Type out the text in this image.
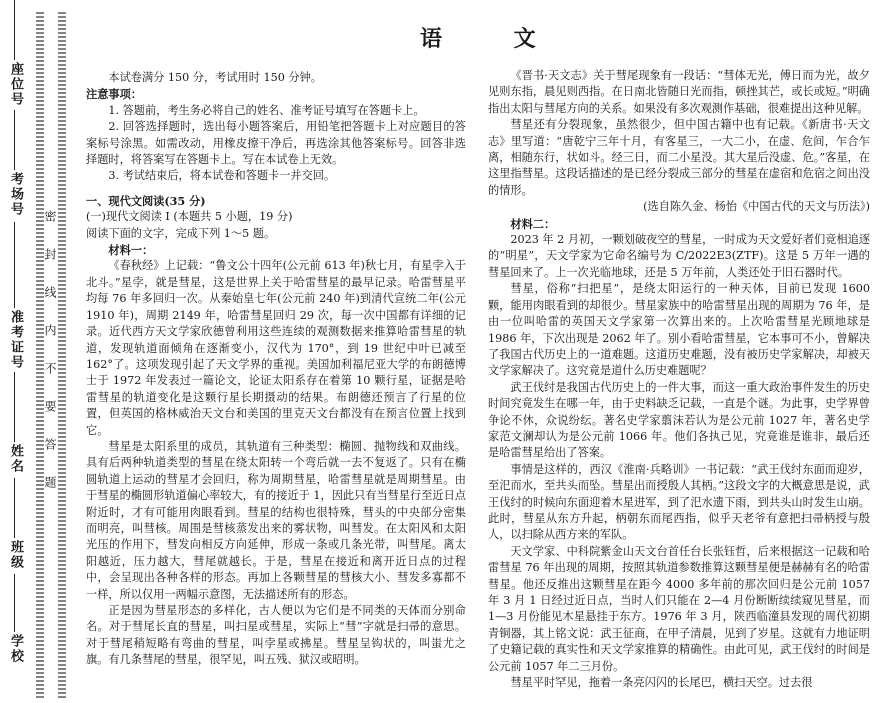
座位号
考场号
准考证号
姓名
班级
学校
密 封 线 内 不 要 答 题
语 文

本试卷满分 150 分，考试用时 150 分钟。

注意事项：

1. 答题前，考生务必将自己的姓名、准考证号填写在答题卡上。

2. 回答选择题时，选出每小题答案后，用铅笔把答题卡上对应题目的答案标号涂黑。如需改动，用橡皮擦干净后，再选涂其他答案标号。回答非选择题时，将答案写在答题卡上。写在本试卷上无效。

3. 考试结束后，将本试卷和答题卡一并交回。

一、现代文阅读(35 分)

(一)现代文阅读 I (本题共 5 小题，19 分)

阅读下面的文字，完成下列 1～5 题。

材料一：

《春秋经》上记载：“鲁文公十四年(公元前 613 年)秋七月，有星孛入于北斗。”星孛，就是彗星，这是世界上关于哈雷彗星的最早记录。哈雷彗星平均每 76 年多回归一次。从秦始皇七年(公元前 240 年)到清代宣统二年(公元 1910 年)，周期 2149 年，哈雷彗星回归 29 次，每一次中国都有详细的记录。近代西方天文学家欣德曾利用这些连续的观测数据来推算哈雷彗星的轨道，发现轨道面倾角在逐渐变小，汉代为 170°，到 19 世纪中叶已减至 162°了。这项发现引起了天文学界的重视。美国加利福尼亚大学的布朗德博士于 1972 年发表过一篇论文，论证太阳系存在着第 10 颗行星，证据是哈雷彗星的轨道变化是这颗行星长期摄动的结果。布朗德还预言了行星的位置，但英国的格林威治天文台和美国的里克天文台都没有在预言位置上找到它。

彗星是太阳系里的成员，其轨道有三种类型：椭圆、抛物线和双曲线。具有后两种轨道类型的彗星在绕太阳转一个弯后就一去不复返了。只有在椭圆轨道上运动的彗星才会回归，称为周期彗星，哈雷彗星就是周期彗星。由于彗星的椭圆形轨道偏心率较大，有的接近于 1，因此只有当彗星行至近日点附近时，才有可能用肉眼看到。彗星的结构也很特殊，彗头的中央部分密集而明亮，叫彗核。周围是彗核蒸发出来的雾状物，叫彗发。在太阳风和太阳光压的作用下，彗发向相反方向延伸，形成一条或几条光带，叫彗尾。离太阳越近，压力越大，彗尾就越长。于是，彗星在接近和离开近日点的过程中，会呈现出各种各样的形态。再加上各颗彗星的彗核大小、彗发多寡都不一样，所以仅用一两幅示意图，无法描述所有的形态。

正是因为彗星形态的多样化，古人便以为它们是不同类的天体而分别命名。对于彗尾长直的彗星，叫扫星或彗星，实际上“彗”字就是扫帚的意思。对于彗尾稍短略有弯曲的彗星，叫孛星或拂星。彗星呈钩状的，叫蚩尤之旗。有几条彗尾的彗星，很罕见，叫五残、狱汉或昭明。

《晋书·天文志》关于彗尾现象有一段话：“彗体无光，傅日而为光，故夕见则东指，晨见则西指。在日南北皆随日光而指，顿挫其芒，或长或短。”明确指出太阳与彗尾方向的关系。如果没有多次观测作基础，很难提出这种见解。

彗星还有分裂现象，虽然很少，但中国古籍中也有记载。《新唐书·天文志》里写道：“唐乾宁三年十月，有客星三，一大二小，在虚、危间，乍合乍离，相随东行，状如斗。经三日，而二小星没。其大星后没虚、危。”客星，在这里指彗星。这段话描述的是已经分裂成三部分的彗星在虚宿和危宿之间出没的情形。

(选自陈久金、杨怡《中国古代的天文与历法》)

材料二：

2023 年 2 月初，一颗划破夜空的彗星，一时成为天文爱好者们竞相追逐的“明星”，天文学家为它命名编号为 C/2022E3(ZTF)。这是 5 万年一遇的彗星回来了。上一次光临地球，还是 5 万年前，人类还处于旧石器时代。

彗星，俗称“扫把星”，是绕太阳运行的一种天体，目前已发现 1600 颗，能用肉眼看到的却很少。彗星家族中的哈雷彗星出现的周期为 76 年，是由一位叫哈雷的英国天文学家第一次算出来的。上次哈雷彗星光顾地球是 1986 年，下次出现是 2062 年了。别小看哈雷彗星，它本事可不小，曾解决了我国古代历史上的一道难题。这道历史难题，没有被历史学家解决，却被天文学家解决了。这究竟是道什么历史难题呢？

武王伐纣是我国古代历史上的一件大事，而这一重大政治事件发生的历史时间究竟发生在哪一年，由于史料缺乏记载，一直是个谜。为此事，史学界曾争论不休，众说纷纭。著名史学家翦沫若认为是公元前 1027 年，著名史学家范文澜却认为是公元前 1066 年。他们各执己见，究竟谁是谁非，最后还是哈雷彗星给出了答案。

事情是这样的，西汉《淮南·兵略训》一书记载：“武王伐纣东面而迎岁，至汜而水，至共头而坠。彗星出而授殷人其柄。”这段文字的大概意思是说，武王伐纣的时候向东面迎着木星进军，到了汜水遗下雨，到共头山时发生山崩。此时，彗星从东方升起，柄朝东而尾西指，似乎天老爷有意把扫帚柄授与殷人，以扫除从西方来的军队。

天文学家、中科院紫金山天文台首任台长张钰哲，后来根据这一记载和哈雷彗星 76 年出现的周期，按照其轨道参数推算这颗彗星便是赫赫有名的哈雷彗星。他还反推出这颗彗星在距今 4000 多年前的那次回归是公元前 1057 年 3 月 1 日经过近日点，当时人们只能在 2—4 月份断断续续窥见彗星，而 1—3 月份能见木星悬挂于东方。1976 年 3 月，陕西临潼县发现的周代初期青铜器，其上铭文说：武王征商，在甲子清晨，见到了岁星。这就有力地证明了史籍记载的真实性和天文学家推算的精确性。由此可见，武王伐纣的时间是公元前 1057 年二三月份。

彗星平时罕见，拖着一条亮闪闪的长尾巴，横扫天空。过去很
